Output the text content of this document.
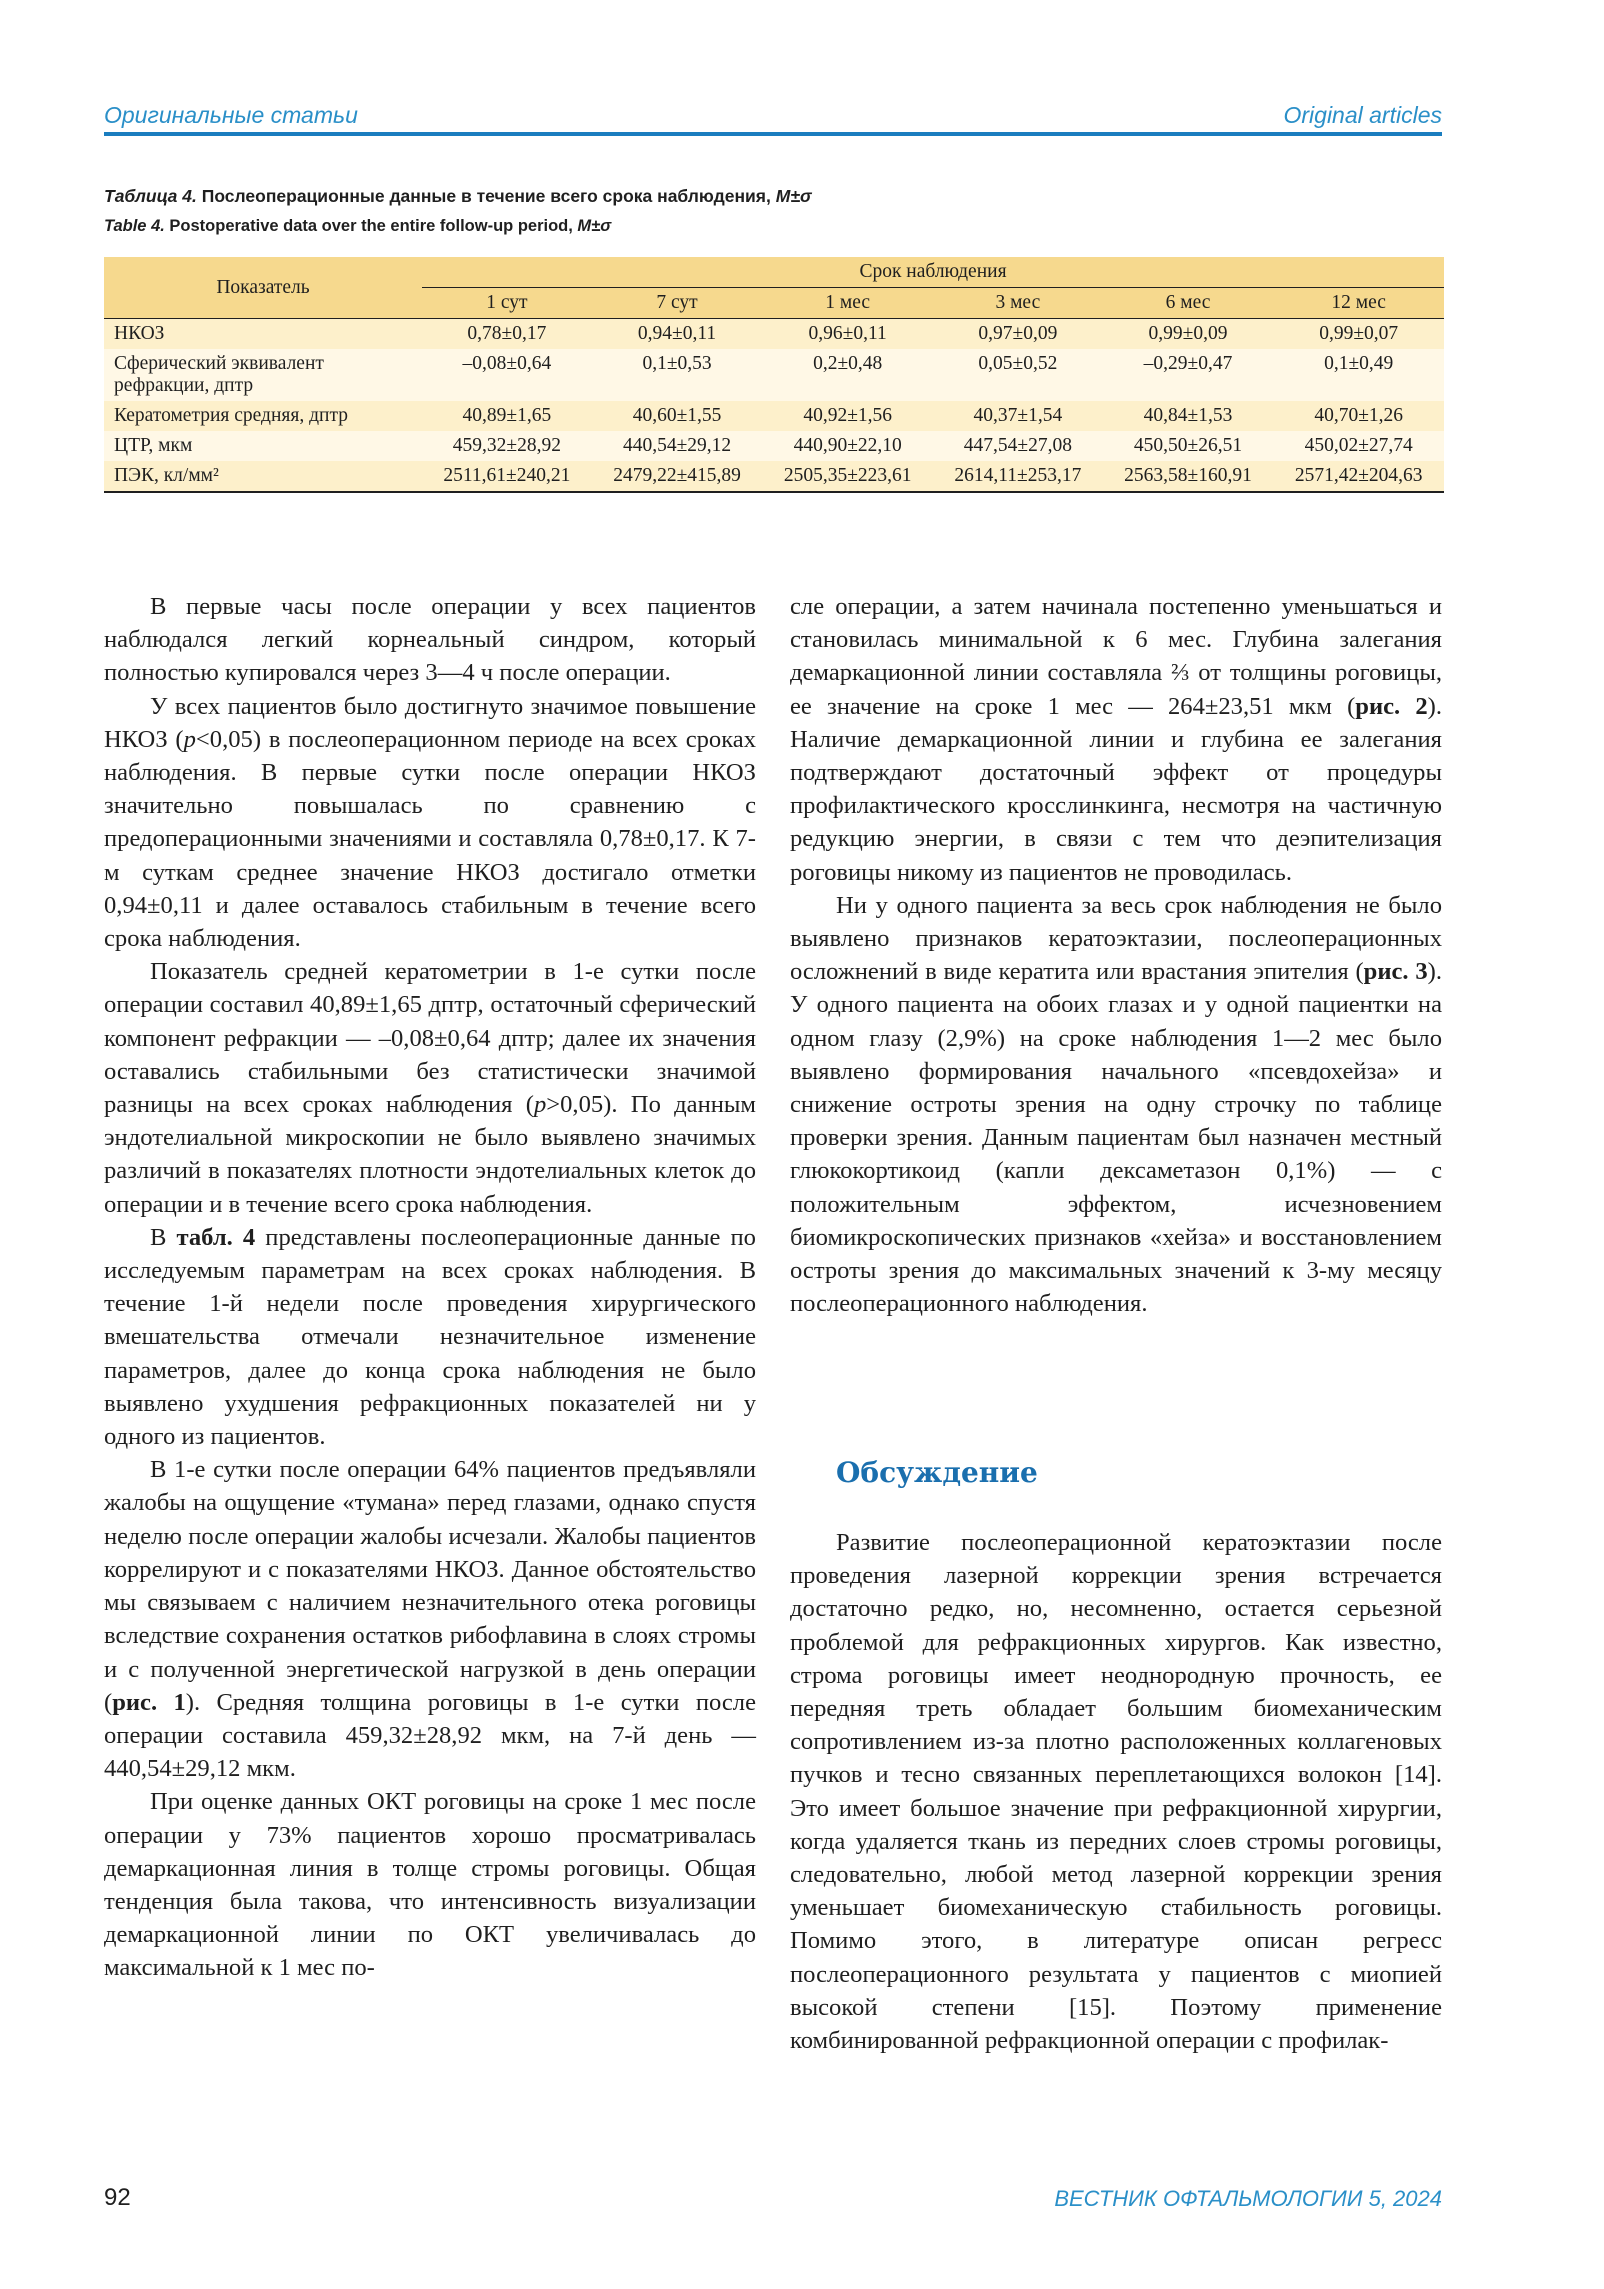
Оригинальные статьи	Original articles
Таблица 4. Послеоперационные данные в течение всего срока наблюдения, M±σ
Table 4. Postoperative data over the entire follow-up period, M±σ
Показатель	Срок наблюдения					
	1 сут	7 сут	1 мес	3 мес	6 мес	12 мес
НКОЗ	0,78±0,17	0,94±0,11	0,96±0,11	0,97±0,09	0,99±0,09	0,99±0,07
Сферический эквивалент рефракции, дптр	–0,08±0,64	0,1±0,53	0,2±0,48	0,05±0,52	–0,29±0,47	0,1±0,49
Кератометрия средняя, дптр	40,89±1,65	40,60±1,55	40,92±1,56	40,37±1,54	40,84±1,53	40,70±1,26
ЦТР, мкм	459,32±28,92	440,54±29,12	440,90±22,10	447,54±27,08	450,50±26,51	450,02±27,74
ПЭК, кл/мм²	2511,61±240,21	2479,22±415,89	2505,35±223,61	2614,11±253,17	2563,58±160,91	2571,42±204,63

В первые часы после операции у всех пациентов наблюдался легкий корнеальный синдром, который полностью купировался через 3—4 ч после операции.

У всех пациентов было достигнуто значимое повышение НКОЗ (p<0,05) в послеоперационном периоде на всех сроках наблюдения. В первые сутки после операции НКОЗ значительно повышалась по сравнению с предоперационными значениями и составляла 0,78±0,17. К 7-м суткам среднее значение НКОЗ достигало отметки 0,94±0,11 и далее оставалось стабильным в течение всего срока наблюдения.

Показатель средней кератометрии в 1-е сутки после операции составил 40,89±1,65 дптр, остаточный сферический компонент рефракции — –0,08±0,64 дптр; далее их значения оставались стабильными без статистически значимой разницы на всех сроках наблюдения (p>0,05). По данным эндотелиальной микроскопии не было выявлено значимых различий в показателях плотности эндотелиальных клеток до операции и в течение всего срока наблюдения.

В табл. 4 представлены послеоперационные данные по исследуемым параметрам на всех сроках наблюдения. В течение 1-й недели после проведения хирургического вмешательства отмечали незначительное изменение параметров, далее до конца срока наблюдения не было выявлено ухудшения рефракционных показателей ни у одного из пациентов.

В 1-е сутки после операции 64% пациентов предъявляли жалобы на ощущение «тумана» перед глазами, однако спустя неделю после операции жалобы исчезали. Жалобы пациентов коррелируют и с показателями НКОЗ. Данное обстоятельство мы связываем с наличием незначительного отека роговицы вследствие сохранения остатков рибофлавина в слоях стромы и с полученной энергетической нагрузкой в день операции (рис. 1). Средняя толщина роговицы в 1-е сутки после операции составила 459,32±28,92 мкм, на 7-й день — 440,54±29,12 мкм.

При оценке данных ОКТ роговицы на сроке 1 мес после операции у 73% пациентов хорошо просматривалась демаркационная линия в толще стромы роговицы. Общая тенденция была такова, что интенсивность визуализации демаркационной линии по ОКТ увеличивалась до максимальной к 1 мес по-

сле операции, а затем начинала постепенно уменьшаться и становилась минимальной к 6 мес. Глубина залегания демаркационной линии составляла ⅔ от толщины роговицы, ее значение на сроке 1 мес — 264±23,51 мкм (рис. 2). Наличие демаркационной линии и глубина ее залегания подтверждают достаточный эффект от процедуры профилактического кросслинкинга, несмотря на частичную редукцию энергии, в связи с тем что деэпителизация роговицы никому из пациентов не проводилась.

Ни у одного пациента за весь срок наблюдения не было выявлено признаков кератоэктазии, послеоперационных осложнений в виде кератита или врастания эпителия (рис. 3). У одного пациента на обоих глазах и у одной пациентки на одном глазу (2,9%) на сроке наблюдения 1—2 мес было выявлено формирования начального «псевдохейза» и снижение остроты зрения на одну строчку по таблице проверки зрения. Данным пациентам был назначен местный глюкокортикоид (капли дексаметазон 0,1%) — с положительным эффектом, исчезновением биомикроскопических признаков «хейза» и восстановлением остроты зрения до максимальных значений к 3-му месяцу послеоперационного наблюдения.

Обсуждение

Развитие послеоперационной кератоэктазии после проведения лазерной коррекции зрения встречается достаточно редко, но, несомненно, остается серьезной проблемой для рефракционных хирургов. Как известно, строма роговицы имеет неоднородную прочность, ее передняя треть обладает большим биомеханическим сопротивлением из-за плотно расположенных коллагеновых пучков и тесно связанных переплетающихся волокон [14]. Это имеет большое значение при рефракционной хирургии, когда удаляется ткань из передних слоев стромы роговицы, следовательно, любой метод лазерной коррекции зрения уменьшает биомеханическую стабильность роговицы. Помимо этого, в литературе описан регресс послеоперационного результата у пациентов с миопией высокой степени [15]. Поэтому применение комбинированной рефракционной операции с профилак-

92	ВЕСТНИК ОФТАЛЬМОЛОГИИ 5, 2024
